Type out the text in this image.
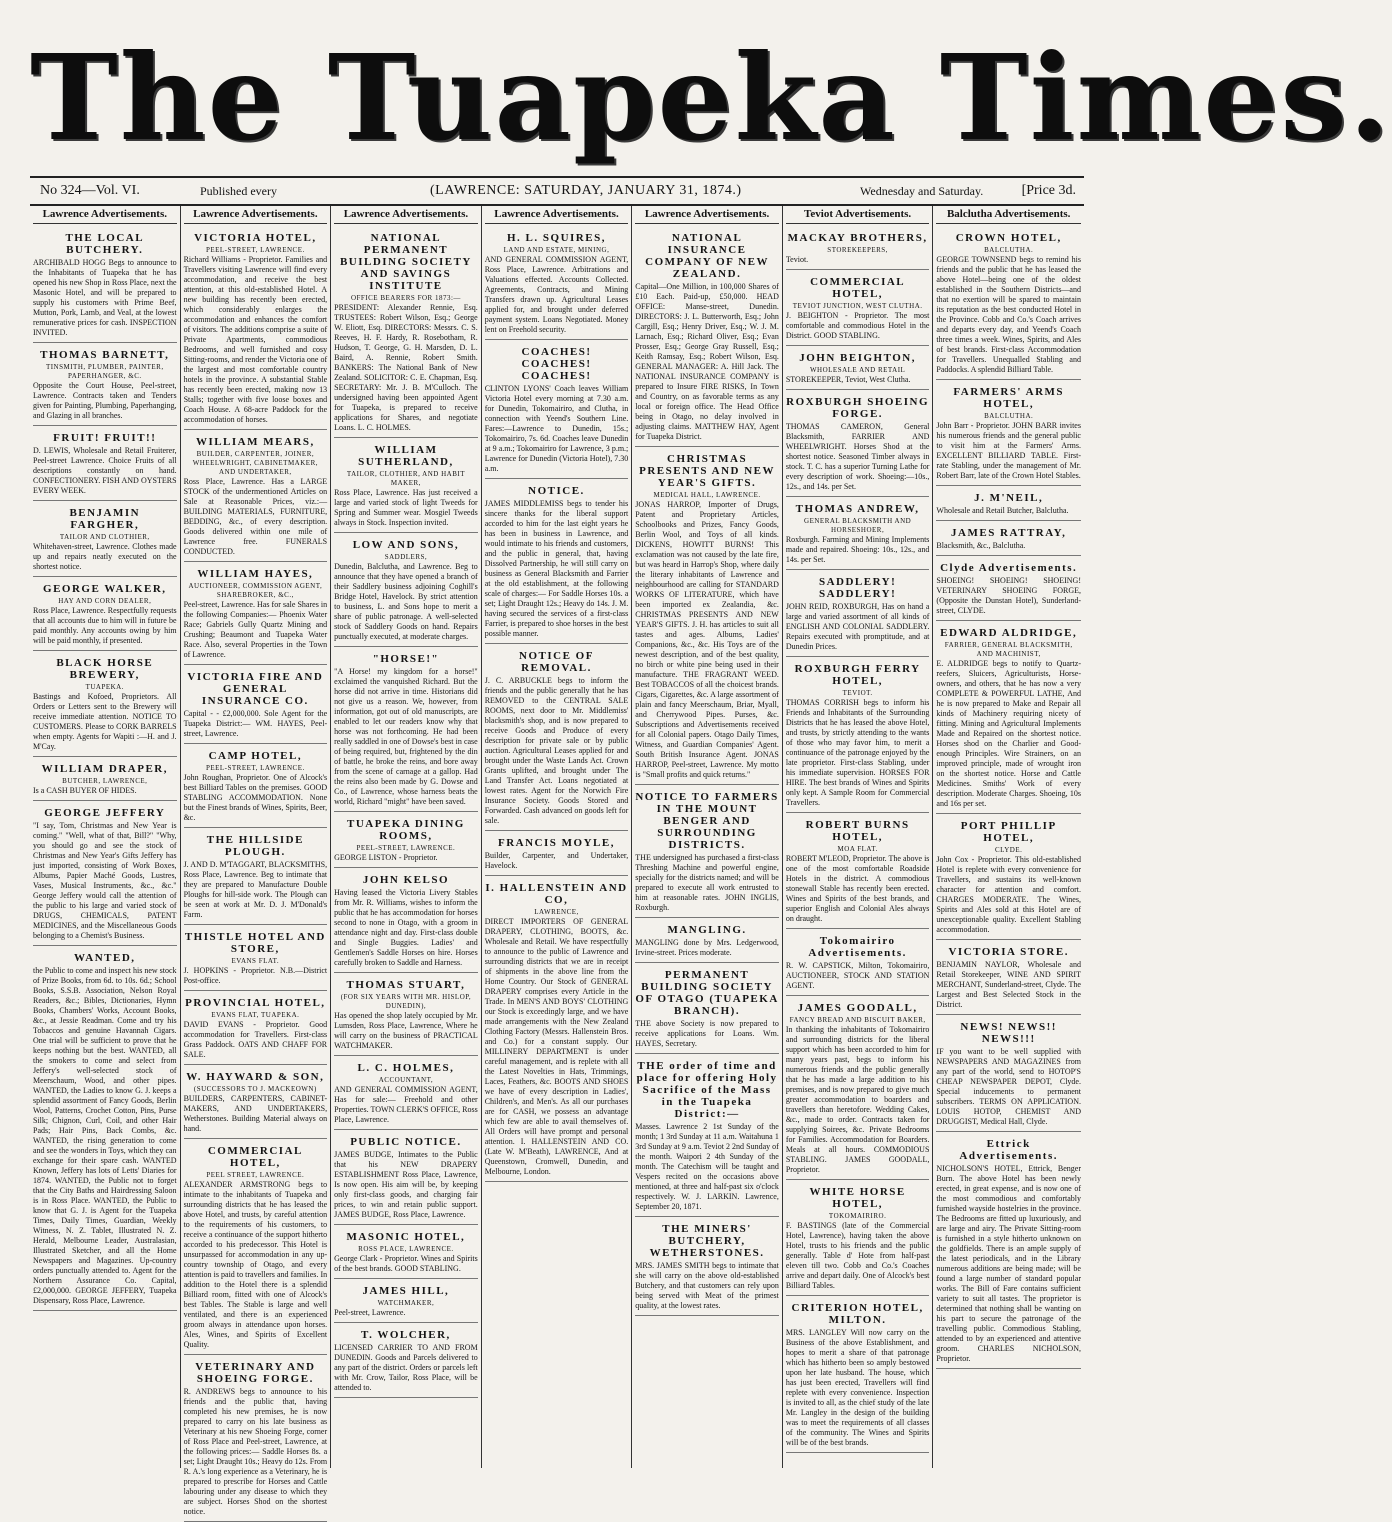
The Tuapeka Times.
No 324—Vol. VI.	Published every	(LAWRENCE: SATURDAY, JANUARY 31, 1874.)	Wednesday and Saturday.	[Price 3d.
Lawrence Advertisements.
THE LOCAL BUTCHERY.
ARCHIBALD HOGG Begs to announce to the Inhabitants of Tuapeka that he has opened his new Shop in Ross Place, next the Masonic Hotel, and will be prepared to supply his customers with Prime Beef, Mutton, Pork, Lamb, and Veal, at the lowest remunerative prices for cash. INSPECTION INVITED.
THOMAS BARNETT,
TINSMITH, PLUMBER, PAINTER, PAPERHANGER, &C.
Opposite the Court House, Peel-street, Lawrence. Contracts taken and Tenders given for Painting, Plumbing, Paperhanging, and Glazing in all branches.
FRUIT! FRUIT!!
D. LEWIS, Wholesale and Retail Fruiterer, Peel-street Lawrence. Choice Fruits of all descriptions constantly on hand. CONFECTIONERY. FISH AND OYSTERS EVERY WEEK.
BENJAMIN FARGHER,
TAILOR AND CLOTHIER,
Whitehaven-street, Lawrence. Clothes made up and repairs neatly executed on the shortest notice.
GEORGE WALKER,
HAY AND CORN DEALER,
Ross Place, Lawrence. Respectfully requests that all accounts due to him will in future be paid monthly. Any accounts owing by him will be paid monthly, if presented.
BLACK HORSE BREWERY,
TUAPEKA.
Bastings and Kofoed, Proprietors. All Orders or Letters sent to the Brewery will receive immediate attention. NOTICE TO CUSTOMERS. Please to CORK BARRELS when empty. Agents for Wapiti :—H. and J. M'Cay.
WILLIAM DRAPER,
BUTCHER, LAWRENCE,
Is a CASH BUYER OF HIDES.
GEORGE JEFFERY
"I say, Tom, Christmas and New Year is coming." "Well, what of that, Bill?" "Why, you should go and see the stock of Christmas and New Year's Gifts Jeffery has just imported, consisting of Work Boxes, Albums, Papier Maché Goods, Lustres, Vases, Musical Instruments, &c., &c." George Jeffery would call the attention of the public to his large and varied stock of DRUGS, CHEMICALS, PATENT MEDICINES, and the Miscellaneous Goods belonging to a Chemist's Business.
WANTED,
the Public to come and inspect his new stock of Prize Books, from 6d. to 10s. 6d.; School Books, S.S.B. Association, Nelson Royal Readers, &c.; Bibles, Dictionaries, Hymn Books, Chambers' Works, Account Books, &c., at Jessie Readman. Come and try his Tobaccos and genuine Havannah Cigars. One trial will be sufficient to prove that he keeps nothing but the best. WANTED, all the smokers to come and select from Jeffery's well-selected stock of Meerschaum, Wood, and other pipes. WANTED, the Ladies to know G. J. keeps a splendid assortment of Fancy Goods, Berlin Wool, Patterns, Crochet Cotton, Pins, Purse Silk; Chignon, Curl, Coil, and other Hair Pads; Hair Pins, Back Combs, &c. WANTED, the rising generation to come and see the wonders in Toys, which they can exchange for their spare cash. WANTED Known, Jeffery has lots of Letts' Diaries for 1874. WANTED, the Public not to forget that the City Baths and Hairdressing Saloon is in Ross Place. WANTED, the Public to know that G. J. is Agent for the Tuapeka Times, Daily Times, Guardian, Weekly Witness, N. Z. Tablet, Illustrated N. Z. Herald, Melbourne Leader, Australasian, Illustrated Sketcher, and all the Home Newspapers and Magazines. Up-country orders punctually attended to. Agent for the Northern Assurance Co. Capital, £2,000,000. GEORGE JEFFERY, Tuapeka Dispensary, Ross Place, Lawrence.
Lawrence Advertisements.
VICTORIA HOTEL,
PEEL-STREET, LAWRENCE.
Richard Williams - Proprietor. Families and Travellers visiting Lawrence will find every accommodation, and receive the best attention, at this old-established Hotel. A new building has recently been erected, which considerably enlarges the accommodation and enhances the comfort of visitors. The additions comprise a suite of Private Apartments, commodious Bedrooms, and well furnished and cosy Sitting-rooms, and render the Victoria one of the largest and most comfortable country hotels in the province. A substantial Stable has recently been erected, making now 13 Stalls; together with five loose boxes and Coach House. A 68-acre Paddock for the accommodation of horses.
WILLIAM MEARS,
BUILDER, CARPENTER, JOINER, WHEELWRIGHT, CABINETMAKER, AND UNDERTAKER,
Ross Place, Lawrence. Has a LARGE STOCK of the undermentioned Articles on Sale at Reasonable Prices, viz.:— BUILDING MATERIALS, FURNITURE, BEDDING, &c., of every description. Goods delivered within one mile of Lawrence free. FUNERALS CONDUCTED.
WILLIAM HAYES,
AUCTIONEER, COMMISSION AGENT, SHAREBROKER, &C.,
Peel-street, Lawrence. Has for sale Shares in the following Companies:— Phoenix Water Race; Gabriels Gully Quartz Mining and Crushing; Beaumont and Tuapeka Water Race. Also, several Properties in the Town of Lawrence.
VICTORIA FIRE AND GENERAL INSURANCE CO.
Capital - - £2,000,000. Sole Agent for the Tuapeka District:— WM. HAYES, Peel-street, Lawrence.
CAMP HOTEL,
PEEL-STREET, LAWRENCE.
John Roughan, Proprietor. One of Alcock's best Billiard Tables on the premises. GOOD STABLING ACCOMMODATION. None but the Finest brands of Wines, Spirits, Beer, &c.
THE HILLSIDE PLOUGH.
J. AND D. M'TAGGART, BLACKSMITHS, Ross Place, Lawrence. Beg to intimate that they are prepared to Manufacture Double Ploughs for hill-side work. The Plough can be seen at work at Mr. D. J. M'Donald's Farm.
THISTLE HOTEL AND STORE,
EVANS FLAT.
J. HOPKINS - Proprietor. N.B.—District Post-office.
PROVINCIAL HOTEL,
EVANS FLAT, TUAPEKA.
DAVID EVANS - Proprietor. Good accommodation for Travellers. First-class Grass Paddock. OATS AND CHAFF FOR SALE.
W. HAYWARD & SON,
(SUCCESSORS TO J. MACKEOWN)
BUILDERS, CARPENTERS, CABINET-MAKERS, AND UNDERTAKERS, Wetherstones. Building Material always on hand.
COMMERCIAL HOTEL,
PEEL STREET, LAWRENCE.
ALEXANDER ARMSTRONG begs to intimate to the inhabitants of Tuapeka and surrounding districts that he has leased the above Hotel, and trusts, by careful attention to the requirements of his customers, to receive a continuance of the support hitherto accorded to his predecessor. This Hotel is unsurpassed for accommodation in any up-country township of Otago, and every attention is paid to travellers and families. In addition to the Hotel there is a splendid Billiard room, fitted with one of Alcock's best Tables. The Stable is large and well ventilated, and there is an experienced groom always in attendance upon horses. Ales, Wines, and Spirits of Excellent Quality.
VETERINARY AND SHOEING FORGE.
R. ANDREWS begs to announce to his friends and the public that, having completed his new premises, he is now prepared to carry on his late business as Veterinary at his new Shoeing Forge, corner of Ross Place and Peel-street, Lawrence, at the following prices:— Saddle Horses 8s. a set; Light Draught 10s.; Heavy do 12s. From R. A.'s long experience as a Veterinary, he is prepared to prescribe for Horses and Cattle labouring under any disease to which they are subject. Horses Shod on the shortest notice.
Lawrence Advertisements.
NATIONAL PERMANENT BUILDING SOCIETY AND SAVINGS INSTITUTE
OFFICE BEARERS FOR 1873:—
PRESIDENT: Alexander Rennie, Esq. TRUSTEES: Robert Wilson, Esq.; George W. Eliott, Esq. DIRECTORS: Messrs. C. S. Reeves, H. F. Hardy, R. Rosebotham, R. Hudson, T. George, G. H. Marsden, D. L. Baird, A. Rennie, Robert Smith. BANKERS: The National Bank of New Zealand. SOLICITOR: C. E. Chapman, Esq. SECRETARY: Mr. J. B. M'Culloch. The undersigned having been appointed Agent for Tuapeka, is prepared to receive applications for Shares, and negotiate Loans. L. C. HOLMES.
WILLIAM SUTHERLAND,
TAILOR, CLOTHIER, AND HABIT MAKER,
Ross Place, Lawrence. Has just received a large and varied stock of light Tweeds for Spring and Summer wear. Mosgiel Tweeds always in Stock. Inspection invited.
LOW AND SONS,
SADDLERS,
Dunedin, Balclutha, and Lawrence. Beg to announce that they have opened a branch of their Saddlery business adjoining Coghill's Bridge Hotel, Havelock. By strict attention to business, L. and Sons hope to merit a share of public patronage. A well-selected stock of Saddlery Goods on hand. Repairs punctually executed, at moderate charges.
"HORSE!"
"A Horse! my kingdom for a horse!" exclaimed the vanquished Richard. But the horse did not arrive in time. Historians did not give us a reason. We, however, from information, got out of old manuscripts, are enabled to let our readers know why that horse was not forthcoming. He had been really saddled in one of Dowse's best in case of being required, but, frightened by the din of battle, he broke the reins, and bore away from the scene of carnage at a gallop. Had the reins also been made by G. Dowse and Co., of Lawrence, whose harness beats the world, Richard "might" have been saved.
TUAPEKA DINING ROOMS,
PEEL-STREET, LAWRENCE.
GEORGE LISTON - Proprietor.
JOHN KELSO
Having leased the Victoria Livery Stables from Mr. R. Williams, wishes to inform the public that he has accommodation for horses second to none in Otago, with a groom in attendance night and day. First-class double and Single Buggies. Ladies' and Gentlemen's Saddle Horses on hire. Horses carefully broken to Saddle and Harness.
THOMAS STUART,
(FOR SIX YEARS WITH MR. HISLOP, DUNEDIN),
Has opened the shop lately occupied by Mr. Lumsden, Ross Place, Lawrence, Where he will carry on the business of PRACTICAL WATCHMAKER.
L. C. HOLMES,
ACCOUNTANT,
AND GENERAL COMMISSION AGENT, Has for sale:— Freehold and other Properties. TOWN CLERK'S OFFICE, Ross Place, Lawrence.
PUBLIC NOTICE.
JAMES BUDGE, Intimates to the Public that his NEW DRAPERY ESTABLISHMENT Ross Place, Lawrence, Is now open. His aim will be, by keeping only first-class goods, and charging fair prices, to win and retain public support. JAMES BUDGE, Ross Place, Lawrence.
MASONIC HOTEL,
ROSS PLACE, LAWRENCE.
George Clark - Proprietor. Wines and Spirits of the best brands. GOOD STABLING.
JAMES HILL,
WATCHMAKER,
Peel-street, Lawrence.
T. WOLCHER,
LICENSED CARRIER TO AND FROM DUNEDIN. Goods and Parcels delivered to any part of the district. Orders or parcels left with Mr. Crow, Tailor, Ross Place, will be attended to.
Lawrence Advertisements.
H. L. SQUIRES,
LAND AND ESTATE, MINING,
AND GENERAL COMMISSION AGENT, Ross Place, Lawrence. Arbitrations and Valuations effected. Accounts Collected. Agreements, Contracts, and Mining Transfers drawn up. Agricultural Leases applied for, and brought under deferred payment system. Loans Negotiated. Money lent on Freehold security.
COACHES! COACHES! COACHES!
CLINTON LYONS' Coach leaves William Victoria Hotel every morning at 7.30 a.m. for Dunedin, Tokomairiro, and Clutha, in connection with Yeend's Southern Line. Fares:—Lawrence to Dunedin, 15s.; Tokomairiro, 7s. 6d. Coaches leave Dunedin at 9 a.m.; Tokomairiro for Lawrence, 3 p.m.; Lawrence for Dunedin (Victoria Hotel), 7.30 a.m.
NOTICE.
JAMES MIDDLEMISS begs to tender his sincere thanks for the liberal support accorded to him for the last eight years he has been in business in Lawrence, and would intimate to his friends and customers, and the public in general, that, having Dissolved Partnership, he will still carry on business as General Blacksmith and Farrier at the old establishment, at the following scale of charges:— For Saddle Horses 10s. a set; Light Draught 12s.; Heavy do 14s. J. M. having secured the services of a first-class Farrier, is prepared to shoe horses in the best possible manner.
NOTICE OF REMOVAL.
J. C. ARBUCKLE begs to inform the friends and the public generally that he has REMOVED to the CENTRAL SALE ROOMS, next door to Mr. Middlemiss' blacksmith's shop, and is now prepared to receive Goods and Produce of every description for private sale or by public auction. Agricultural Leases applied for and brought under the Waste Lands Act. Crown Grants uplifted, and brought under The Land Transfer Act. Loans negotiated at lowest rates. Agent for the Norwich Fire Insurance Society. Goods Stored and Forwarded. Cash advanced on goods left for sale.
FRANCIS MOYLE,
Builder, Carpenter, and Undertaker, Havelock.
I. HALLENSTEIN AND CO,
LAWRENCE,
DIRECT IMPORTERS OF GENERAL DRAPERY, CLOTHING, BOOTS, &c. Wholesale and Retail. We have respectfully to announce to the public of Lawrence and surrounding districts that we are in receipt of shipments in the above line from the Home Country. Our Stock of GENERAL DRAPERY comprises every Article in the Trade. In MEN'S AND BOYS' CLOTHING our Stock is exceedingly large, and we have made arrangements with the New Zealand Clothing Factory (Messrs. Hallenstein Bros. and Co.) for a constant supply. Our MILLINERY DEPARTMENT is under careful management, and is replete with all the Latest Novelties in Hats, Trimmings, Laces, Feathers, &c. BOOTS AND SHOES we have of every description in Ladies', Children's, and Men's. As all our purchases are for CASH, we possess an advantage which few are able to avail themselves of. All Orders will have prompt and personal attention. I. HALLENSTEIN AND CO. (Late W. M'Beath), LAWRENCE, And at Queenstown, Cromwell, Dunedin, and Melbourne, London.
Lawrence Advertisements.
NATIONAL INSURANCE COMPANY OF NEW ZEALAND.
Capital—One Million, in 100,000 Shares of £10 Each. Paid-up, £50,000. HEAD OFFICE: Manse-street, Dunedin. DIRECTORS: J. L. Butterworth, Esq.; John Cargill, Esq.; Henry Driver, Esq.; W. J. M. Larnach, Esq.; Richard Oliver, Esq.; Evan Prosser, Esq.; George Gray Russell, Esq.; Keith Ramsay, Esq.; Robert Wilson, Esq. GENERAL MANAGER: A. Hill Jack. The NATIONAL INSURANCE COMPANY is prepared to Insure FIRE RISKS, In Town and Country, on as favorable terms as any local or foreign office. The Head Office being in Otago, no delay involved in adjusting claims. MATTHEW HAY, Agent for Tuapeka District.
CHRISTMAS PRESENTS AND NEW YEAR'S GIFTS.
MEDICAL HALL, LAWRENCE.
JONAS HARROP, Importer of Drugs, Patent and Proprietary Articles, Schoolbooks and Prizes, Fancy Goods, Berlin Wool, and Toys of all kinds. DICKENS, HOWITT BURNS! This exclamation was not caused by the late fire, but was heard in Harrop's Shop, where daily the literary inhabitants of Lawrence and neighbourhood are calling for STANDARD WORKS OF LITERATURE, which have been imported ex Zealandia, &c. CHRISTMAS PRESENTS AND NEW YEAR'S GIFTS. J. H. has articles to suit all tastes and ages. Albums, Ladies' Companions, &c., &c. His Toys are of the newest description, and of the best quality, no birch or white pine being used in their manufacture. THE FRAGRANT WEED. Best TOBACCOS of all the choicest brands. Cigars, Cigarettes, &c. A large assortment of plain and fancy Meerschaum, Briar, Myall, and Cherrywood Pipes. Purses, &c. Subscriptions and Advertisements received for all Colonial papers. Otago Daily Times, Witness, and Guardian Companies' Agent. South British Insurance Agent. JONAS HARROP, Peel-street, Lawrence. My motto is "Small profits and quick returns."
NOTICE TO FARMERS IN THE MOUNT BENGER AND SURROUNDING DISTRICTS.
THE undersigned has purchased a first-class Threshing Machine and powerful engine, specially for the districts named; and will be prepared to execute all work entrusted to him at reasonable rates. JOHN INGLIS, Roxburgh.
MANGLING.
MANGLING done by Mrs. Ledgerwood, Irvine-street. Prices moderate.
PERMANENT BUILDING SOCIETY OF OTAGO (TUAPEKA BRANCH).
THE above Society is now prepared to receive applications for Loans. Wm. HAYES, Secretary.
THE order of time and place for offering Holy Sacrifice of the Mass in the Tuapeka District:—
Masses. Lawrence 2 1st Sunday of the month; 1 3rd Sunday at 11 a.m. Waitahuna 1 3rd Sunday at 9 a.m. Teviot 2 2nd Sunday of the month. Waipori 2 4th Sunday of the month. The Catechism will be taught and Vespers recited on the occasions above mentioned, at three and half-past six o'clock respectively. W. J. LARKIN. Lawrence, September 20, 1871.
THE MINERS' BUTCHERY, WETHERSTONES.
MRS. JAMES SMITH begs to intimate that she will carry on the above old-established Butchery, and that customers can rely upon being served with Meat of the primest quality, at the lowest rates.
Teviot Advertisements.
MACKAY BROTHERS,
STOREKEEPERS,
Teviot.
COMMERCIAL HOTEL,
TEVIOT JUNCTION, WEST CLUTHA.
J. BEIGHTON - Proprietor. The most comfortable and commodious Hotel in the District. GOOD STABLING.
JOHN BEIGHTON,
WHOLESALE AND RETAIL
STOREKEEPER, Teviot, West Clutha.
ROXBURGH SHOEING FORGE.
THOMAS CAMERON, General Blacksmith, FARRIER AND WHEELWRIGHT. Horses Shod at the shortest notice. Seasoned Timber always in stock. T. C. has a superior Turning Lathe for every description of work. Shoeing:—10s., 12s., and 14s. per Set.
THOMAS ANDREW,
GENERAL BLACKSMITH AND HORSESHOER,
Roxburgh. Farming and Mining Implements made and repaired. Shoeing: 10s., 12s., and 14s. per Set.
SADDLERY! SADDLERY!
JOHN REID, ROXBURGH, Has on hand a large and varied assortment of all kinds of ENGLISH AND COLONIAL SADDLERY. Repairs executed with promptitude, and at Dunedin Prices.
ROXBURGH FERRY HOTEL,
TEVIOT.
THOMAS CORRISH begs to inform his Friends and Inhabitants of the Surrounding Districts that he has leased the above Hotel, and trusts, by strictly attending to the wants of those who may favor him, to merit a continuance of the patronage enjoyed by the late proprietor. First-class Stabling, under his immediate supervision. HORSES FOR HIRE. The best brands of Wines and Spirits only kept. A Sample Room for Commercial Travellers.
ROBERT BURNS HOTEL,
MOA FLAT.
ROBERT M'LEOD, Proprietor. The above is one of the most comfortable Roadside Hotels in the district. A commodious stonewall Stable has recently been erected. Wines and Spirits of the best brands, and superior English and Colonial Ales always on draught.
Tokomairiro Advertisements.
R. W. CAPSTICK, Milton, Tokomairiro, AUCTIONEER, STOCK AND STATION AGENT.
JAMES GOODALL,
FANCY BREAD AND BISCUIT BAKER,
In thanking the inhabitants of Tokomairiro and surrounding districts for the liberal support which has been accorded to him for many years past, begs to inform his numerous friends and the public generally that he has made a large addition to his premises, and is now prepared to give much greater accommodation to boarders and travellers than heretofore. Wedding Cakes, &c., made to order. Contracts taken for supplying Soirees, &c. Private Bedrooms for Families. Accommodation for Boarders. Meals at all hours. COMMODIOUS STABLING. JAMES GOODALL, Proprietor.
WHITE HORSE HOTEL,
TOKOMAIRIRO.
F. BASTINGS (late of the Commercial Hotel, Lawrence), having taken the above Hotel, trusts to his friends and the public generally. Table d' Hote from half-past eleven till two. Cobb and Co.'s Coaches arrive and depart daily. One of Alcock's best Billiard Tables.
CRITERION HOTEL, MILTON.
MRS. LANGLEY Will now carry on the Business of the above Establishment, and hopes to merit a share of that patronage which has hitherto been so amply bestowed upon her late husband. The house, which has just been erected, Travellers will find replete with every convenience. Inspection is invited to all, as the chief study of the late Mr. Langley in the design of the building was to meet the requirements of all classes of the community. The Wines and Spirits will be of the best brands.
Balclutha Advertisements.
CROWN HOTEL,
BALCLUTHA.
GEORGE TOWNSEND begs to remind his friends and the public that he has leased the above Hotel—being one of the oldest established in the Southern Districts—and that no exertion will be spared to maintain its reputation as the best conducted Hotel in the Province. Cobb and Co.'s Coach arrives and departs every day, and Yeend's Coach three times a week. Wines, Spirits, and Ales of best brands. First-class Accommodation for Travellers. Unequalled Stabling and Paddocks. A splendid Billiard Table.
FARMERS' ARMS HOTEL,
BALCLUTHA.
John Barr - Proprietor. JOHN BARR invites his numerous friends and the general public to visit him at the Farmers' Arms. EXCELLENT BILLIARD TABLE. First-rate Stabling, under the management of Mr. Robert Barr, late of the Crown Hotel Stables.
J. M'NEIL,
Wholesale and Retail Butcher, Balclutha.
JAMES RATTRAY,
Blacksmith, &c., Balclutha.
Clyde Advertisements.
SHOEING! SHOEING! SHOEING! VETERINARY SHOEING FORGE, (Opposite the Dunstan Hotel), Sunderland-street, CLYDE.
EDWARD ALDRIDGE,
FARRIER, GENERAL BLACKSMITH, AND MACHINIST,
E. ALDRIDGE begs to notify to Quartz-reefers, Sluicers, Agriculturists, Horse-owners, and others, that he has now a very COMPLETE & POWERFUL LATHE, And he is now prepared to Make and Repair all kinds of Machinery requiring nicety of fitting. Mining and Agricultural Implements Made and Repaired on the shortest notice. Horses shod on the Charlier and Good-enough Principles. Wire Strainers, on an improved principle, made of wrought iron on the shortest notice. Horse and Cattle Medicines. Smiths' Work of every description. Moderate Charges. Shoeing, 10s and 16s per set.
PORT PHILLIP HOTEL,
CLYDE.
John Cox - Proprietor. This old-established Hotel is replete with every convenience for Travellers, and sustains its well-known character for attention and comfort. CHARGES MODERATE. The Wines, Spirits and Ales sold at this Hotel are of unexceptionable quality. Excellent Stabling accommodation.
VICTORIA STORE.
BENJAMIN NAYLOR, Wholesale and Retail Storekeeper, WINE AND SPIRIT MERCHANT, Sunderland-street, Clyde. The Largest and Best Selected Stock in the District.
NEWS! NEWS!! NEWS!!!
IF you want to be well supplied with NEWSPAPERS AND MAGAZINES from any part of the world, send to HOTOP'S CHEAP NEWSPAPER DEPOT, Clyde. Special inducements to permanent subscribers. TERMS ON APPLICATION. LOUIS HOTOP, CHEMIST AND DRUGGIST, Medical Hall, Clyde.
Ettrick Advertisements.
NICHOLSON'S HOTEL, Ettrick, Benger Burn. The above Hotel has been newly erected, in great expense, and is now one of the most commodious and comfortably furnished wayside hostelries in the province. The Bedrooms are fitted up luxuriously, and are large and airy. The Private Sitting-room is furnished in a style hitherto unknown on the goldfields. There is an ample supply of the latest periodicals, and in the Library numerous additions are being made; will be found a large number of standard popular works. The Bill of Fare contains sufficient variety to suit all tastes. The proprietor is determined that nothing shall be wanting on his part to secure the patronage of the travelling public. Commodious Stabling, attended to by an experienced and attentive groom. CHARLES NICHOLSON, Proprietor.
